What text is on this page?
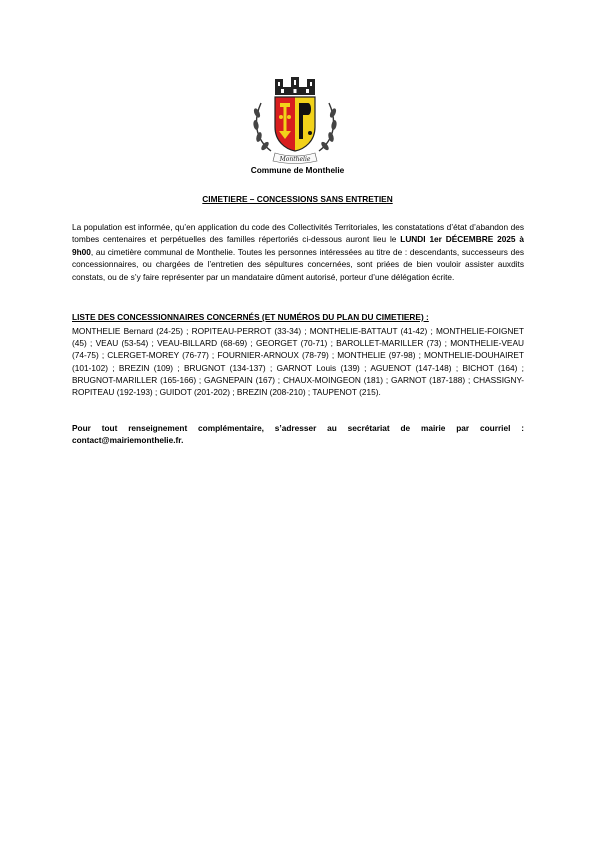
Monthelie
Commune de Monthelie
CIMETIERE – CONCESSIONS SANS ENTRETIEN
La population est informée, qu’en application du code des Collectivités Territoriales, les constatations d’état d’abandon des tombes centenaires et perpétuelles des familles répertoriés ci-dessous auront lieu le LUNDI 1er DÉCEMBRE 2025 à 9h00, au cimetière communal de Monthelie. Toutes les personnes intéressées au titre de : descendants, successeurs des concessionnaires, ou chargées de l’entretien des sépultures concernées, sont priées de bien vouloir assister auxdits constats, ou de s’y faire représenter par un mandataire dûment autorisé, porteur d’une délégation écrite.
LISTE DES CONCESSIONNAIRES CONCERNÉS (ET NUMÉROS DU PLAN DU CIMETIERE) :
MONTHELIE Bernard (24-25) ; ROPITEAU-PERROT (33-34) ; MONTHELIE-BATTAUT (41-42) ; MONTHELIE-FOIGNET (45) ; VEAU (53-54) ; VEAU-BILLARD (68-69) ; GEORGET (70-71) ; BAROLLET-MARILLER (73) ; MONTHELIE-VEAU (74-75) ; CLERGET-MOREY (76-77) ; FOURNIER-ARNOUX (78-79) ; MONTHELIE (97-98) ; MONTHELIE-DOUHAIRET (101-102) ; BREZIN (109) ; BRUGNOT (134-137) ; GARNOT Louis (139) ; AGUENOT (147-148) ; BICHOT (164) ; BRUGNOT-MARILLER (165-166) ; GAGNEPAIN (167) ; CHAUX-MOINGEON (181) ; GARNOT (187-188) ; CHASSIGNY-ROPITEAU (192-193) ; GUIDOT (201-202) ; BREZIN (208-210) ; TAUPENOT (215).
Pour tout renseignement complémentaire, s’adresser au secrétariat de mairie par courriel : contact@mairiemonthelie.fr.
